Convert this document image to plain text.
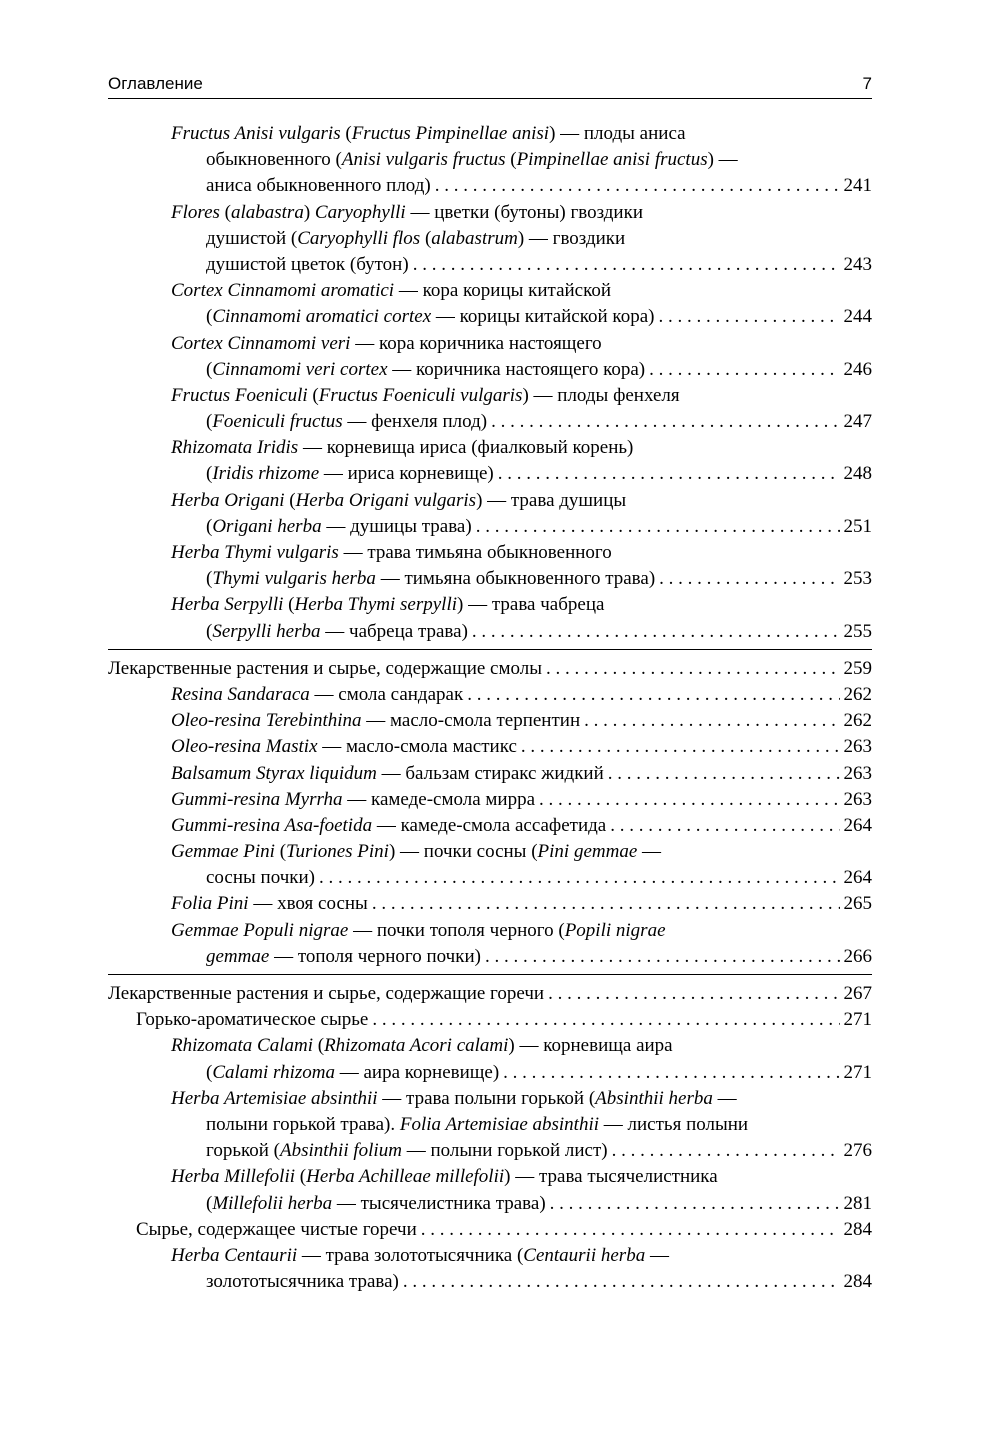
Оглавление	7
Fructus Anisi vulgaris (Fructus Pimpinellae anisi) — плоды аниса
обыкновенного (Anisi vulgaris fructus (Pimpinellae anisi fructus) —
аниса обыкновенного плод) . . .	241
Flores (alabastra) Caryophylli — цветки (бутоны) гвоздики
душистой (Caryophylli flos (alabastrum) — гвоздики
душистой цветок (бутон) . . .	243
Cortex Cinnamomi aromatici — кора корицы китайской
(Cinnamomi aromatici cortex — корицы китайской кора) . . .	244
Cortex Cinnamomi veri — кора коричника настоящего
(Cinnamomi veri cortex — коричника настоящего кора) . . .	246
Fructus Foeniculi (Fructus Foeniculi vulgaris) — плоды фенхеля
(Foeniculi fructus — фенхеля плод) . . .	247
Rhizomata Iridis — корневища ириса (фиалковый корень)
(Iridis rhizome — ириса корневище) . . .	248
Herba Origani (Herba Origani vulgaris) — трава душицы
(Origani herba — душицы трава) . . .	251
Herba Thymi vulgaris — трава тимьяна обыкновенного
(Thymi vulgaris herba — тимьяна обыкновенного трава) . . .	253
Herba Serpylli (Herba Thymi serpylli) — трава чабреца
(Serpylli herba — чабреца трава) . . .	255
Лекарственные растения и сырье, содержащие смолы . . .	259
Resina Sandaraca — смола сандарак . . .	262
Oleo-resina Terebinthina — масло-смола терпентин . . .	262
Oleo-resina Mastix — масло-смола мастикс . . .	263
Balsamum Styrax liquidum — бальзам стиракс жидкий . . .	263
Gummi-resina Myrrha — камеде-смола мирра . . .	263
Gummi-resina Asa-foetida — камеде-смола ассафетида . . .	264
Gemmae Pini (Turiones Pini) — почки сосны (Pini gemmae —
сосны почки) . . .	264
Folia Pini — хвоя сосны . . .	265
Gemmae Populi nigrae — почки тополя черного (Popili nigrae
gemmae — тополя черного почки) . . .	266
Лекарственные растения и сырье, содержащие горечи . . .	267
Горько-ароматическое сырье . . .	271
Rhizomata Calami (Rhizomata Acori calami) — корневища аира
(Calami rhizoma — аира корневище) . . .	271
Herba Artemisiae absinthii — трава полыни горькой (Absinthii herba —
полыни горькой трава). Folia Artemisiae absinthii — листья полыни
горькой (Absinthii folium — полыни горькой лист) . . .	276
Herba Millefolii (Herba Achilleae millefolii) — трава тысячелистника
(Millefolii herba — тысячелистника трава) . . .	281
Сырье, содержащее чистые горечи . . .	284
Herba Centaurii — трава золототысячника (Centaurii herba —
золототысячника трава) . . .	284
